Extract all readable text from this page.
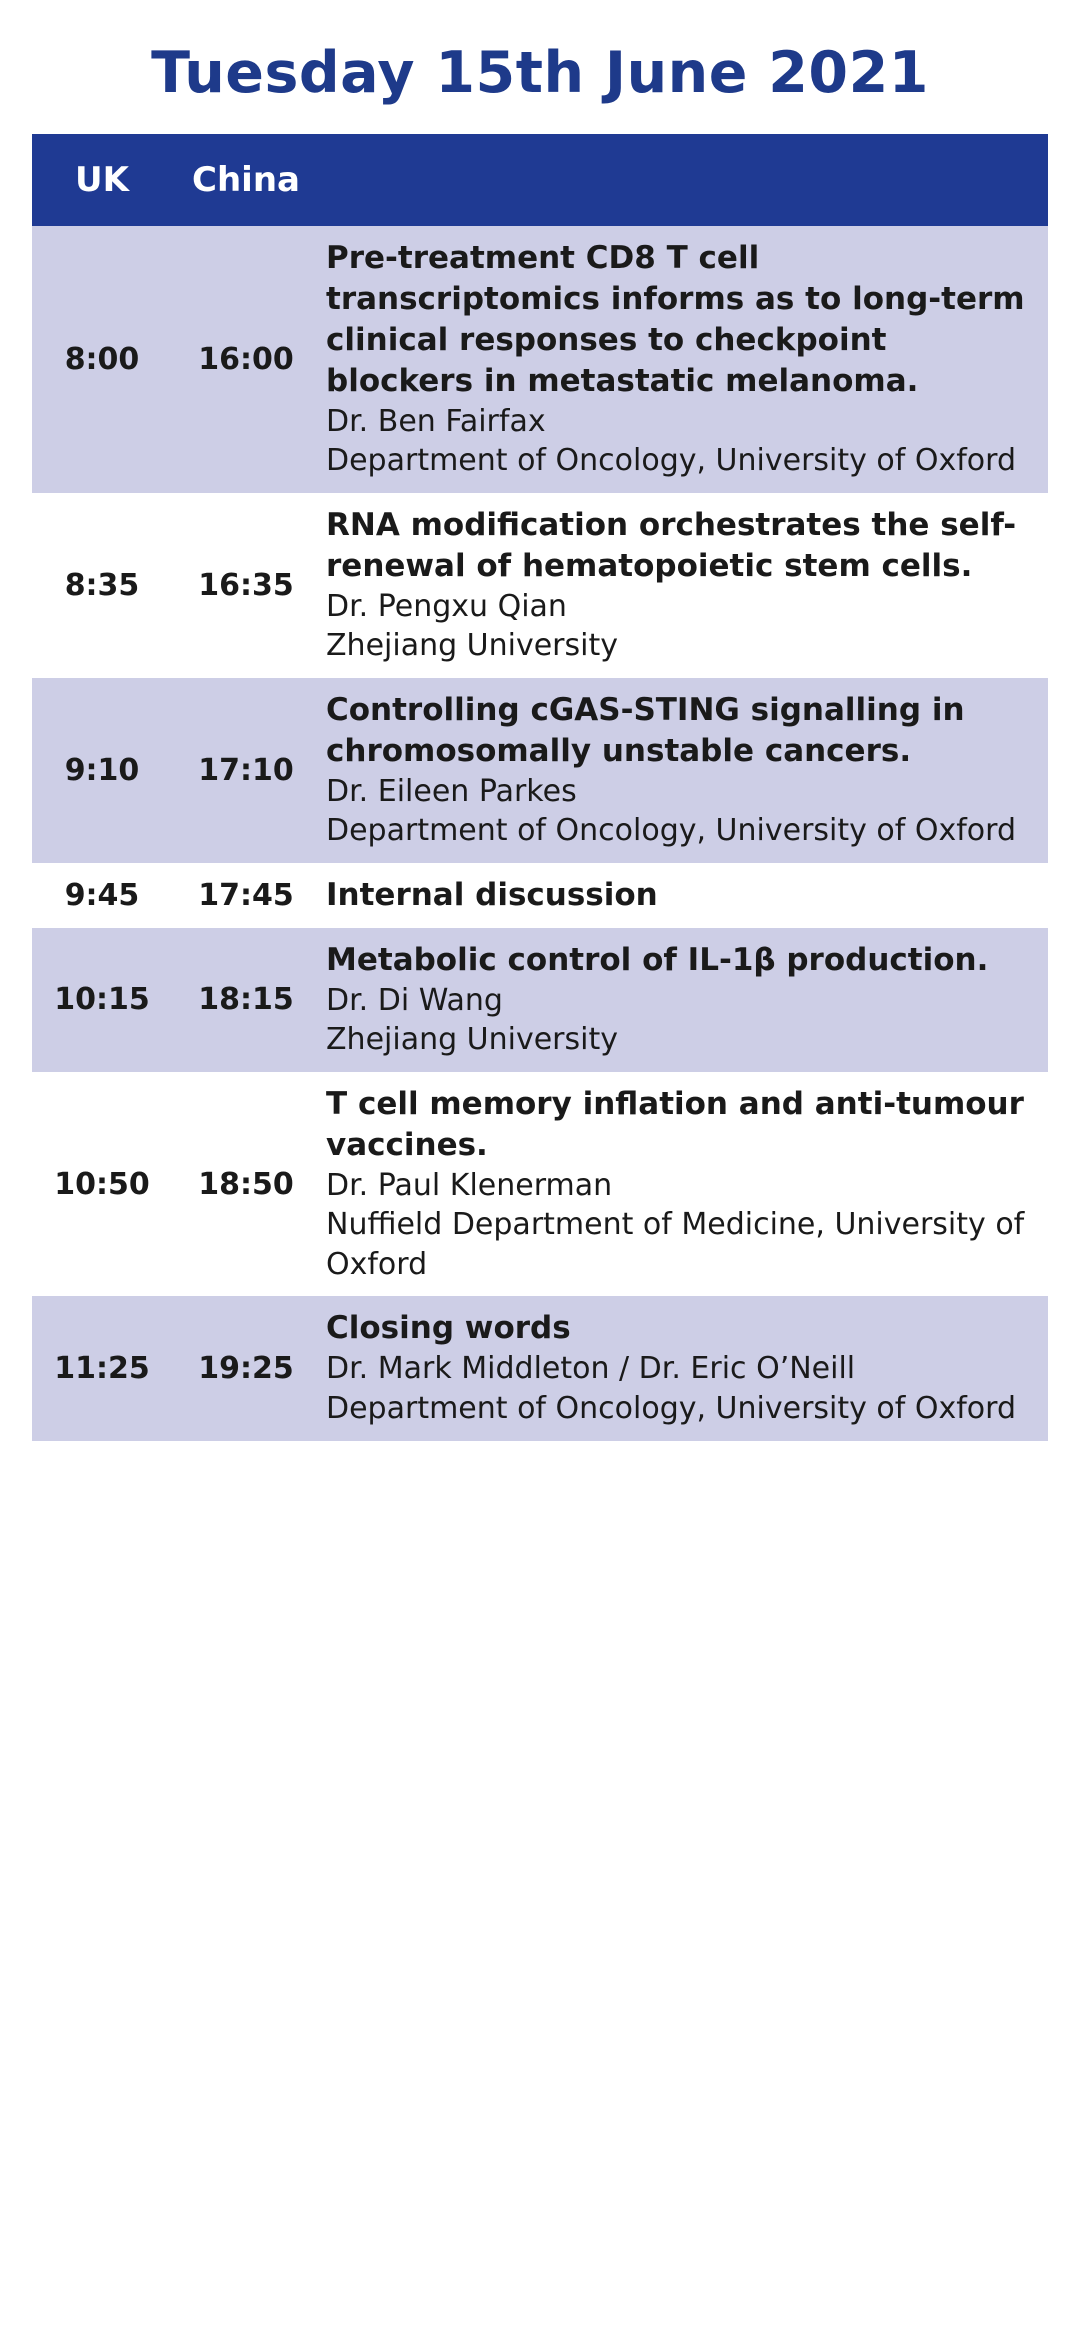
Tuesday 15th June 2021
UK	China	
8:00	16:00	Pre-treatment CD8 T cell transcriptomics informs as to long-term clinical responses to checkpoint blockers in metastatic melanoma.
Dr. Ben Fairfax
Department of Oncology, University of Oxford

8:35	16:35	RNA modification orchestrates the self-renewal of hematopoietic stem cells.
Dr. Pengxu Qian
Zhejiang University

9:10	17:10	Controlling cGAS-STING signalling in chromosomally unstable cancers.
Dr. Eileen Parkes
Department of Oncology, University of Oxford

9:45	17:45	Internal discussion

10:15	18:15	Metabolic control of IL-1β production.
Dr. Di Wang
Zhejiang University

10:50	18:50	T cell memory inflation and anti-tumour vaccines.
Dr. Paul Klenerman
Nuffield Department of Medicine, University of Oxford

11:25	19:25	Closing words
Dr. Mark Middleton / Dr. Eric O’Neill
Department of Oncology, University of Oxford
